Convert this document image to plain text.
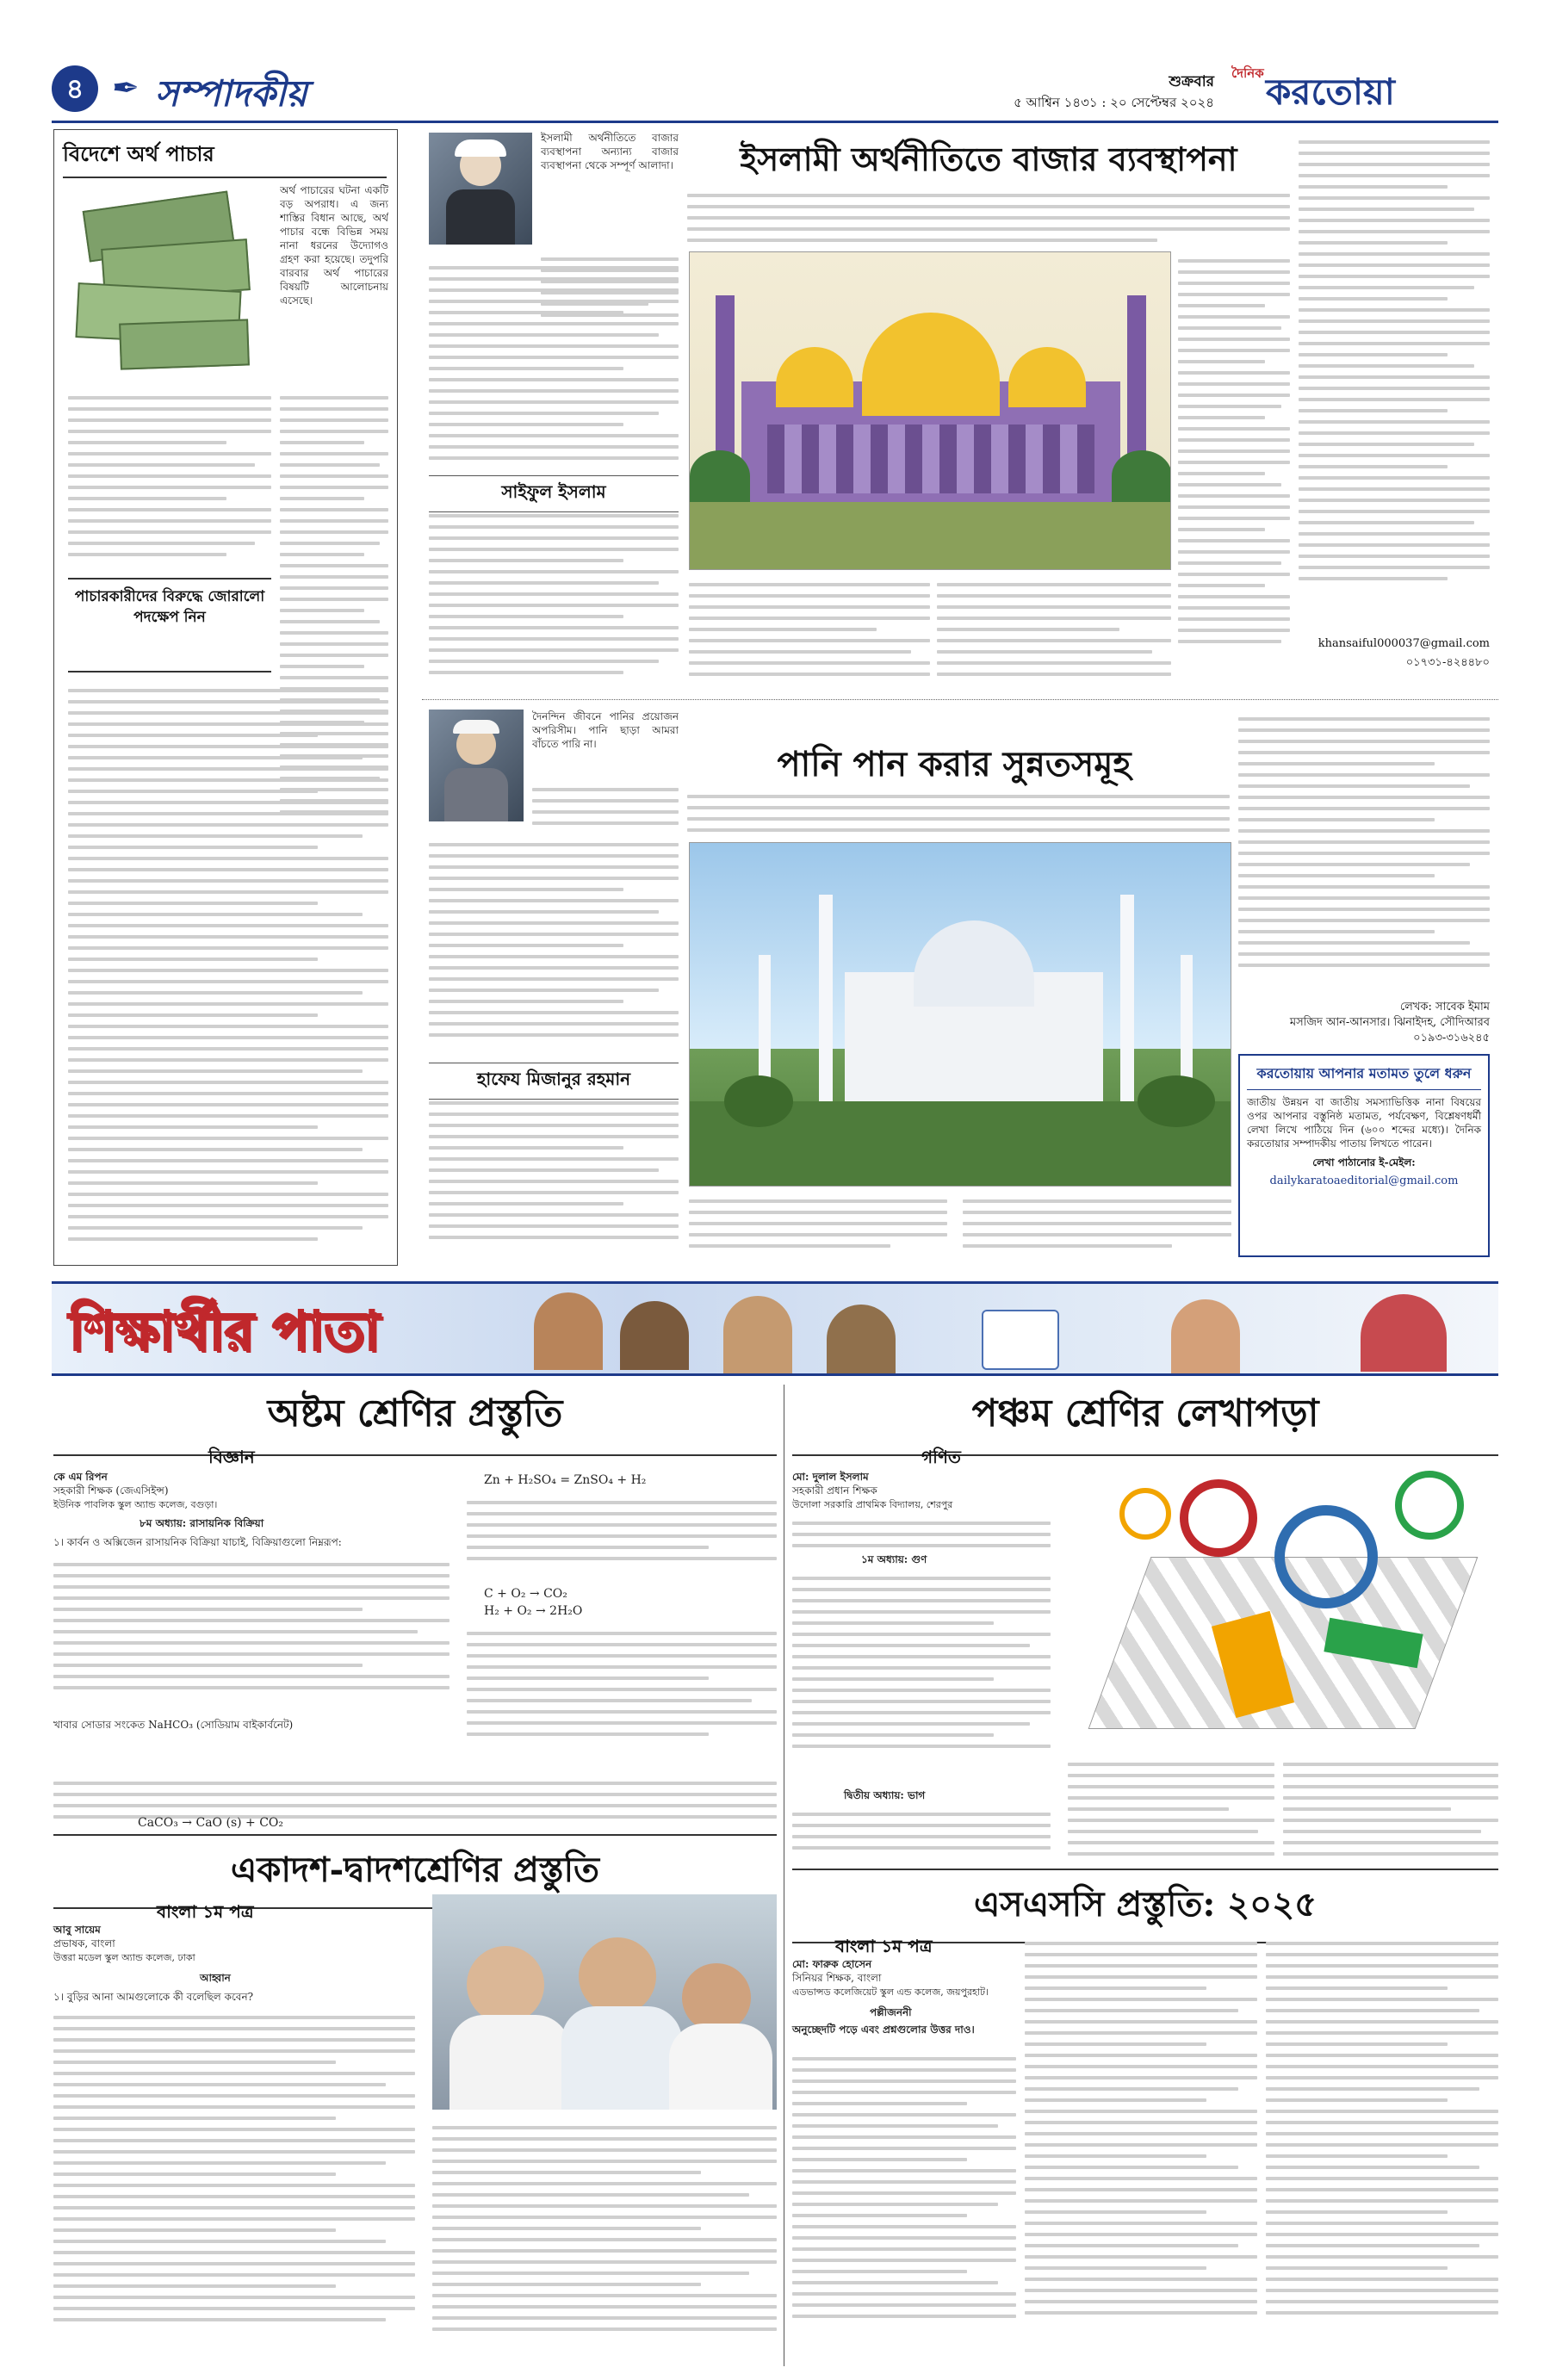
৪ ✒ সম্পাদকীয়	শুক্রবার
৫ আশ্বিন ১৪৩১ : ২০ সেপ্টেম্বর ২০২৪
দৈনিক করতোয়া
বিদেশে অর্থ পাচার
অর্থ পাচারের ঘটনা একটি বড় অপরাধ। এ জন্য শাস্তির বিধান আছে, অর্থ পাচার বন্ধে বিভিন্ন সময় নানা ধরনের উদ্যোগও গ্রহণ করা হয়েছে। তদুপরি বারবার অর্থ পাচারের বিষয়টি আলোচনায় এসেছে।
পাচারকারীদের বিরুদ্ধে জোরালো পদক্ষেপ নিন
ইসলামী অর্থনীতিতে বাজার ব্যবস্থাপনা অন্যান্য বাজার ব্যবস্থাপনা থেকে সম্পূর্ণ আলাদা।	ইসলামী অর্থনীতিতে বাজার ব্যবস্থাপনা
সাইফুল ইসলাম
khansaiful000037@gmail.com
০১৭৩১-৪২৪৪৮০
দৈনন্দিন জীবনে পানির প্রয়োজন অপরিসীম। পানি ছাড়া আমরা বাঁচতে পারি না।	পানি পান করার সুন্নতসমূহ
হাফেয মিজানুর রহমান
লেখক: সাবেক ইমাম
মসজিদ আন-আনসার। ঝিনাইদহ, সৌদিআরব
০১৯৩-৩১৬২৪৫
করতোয়ায় আপনার মতামত তুলে ধরুন
জাতীয় উন্নয়ন বা জাতীয় সমস্যাভিত্তিক নানা বিষয়ের ওপর আপনার বস্তুনিষ্ঠ মতামত, পর্যবেক্ষণ, বিশ্লেষণধর্মী লেখা লিখে পাঠিয়ে দিন (৬০০ শব্দের মধ্যে)। দৈনিক করতোয়ার সম্পাদকীয় পাতায় লিখতে পারেন।
লেখা পাঠানোর ই-মেইল:
dailykaratoaeditorial@gmail.com
শিক্ষার্থীর পাতা
অষ্টম শ্রেণির প্রস্তুতি
বিজ্ঞান
কে এম রিপন
সহকারী শিক্ষক (জেএসিইন্স)
ইউনিক পাবলিক স্কুল অ্যান্ড কলেজ, বগুড়া।
৮ম অধ্যায়: রাসায়নিক বিক্রিয়া
১। কার্বন ও অক্সিজেন রাসায়নিক বিক্রিয়া যাচাই, বিক্রিয়াগুলো নিম্নরূপ:
খাবার সোডার সংকেত NaHCO₃ (সোডিয়াম বাইকার্বনেট)
Zn + H₂SO₄ = ZnSO₄ + H₂
C + O₂ → CO₂
H₂ + O₂ → 2H₂O
CaCO₃ → CaO (s) + CO₂
পঞ্চম শ্রেণির লেখাপড়া
গণিত
মো: দুলাল ইসলাম
সহকারী প্রধান শিক্ষক
উদোলা সরকারি প্রাথমিক বিদ্যালয়, শেরপুর
১ম অধ্যায়: গুণ
দ্বিতীয় অধ্যায়: ভাগ
একাদশ-দ্বাদশশ্রেণির প্রস্তুতি
বাংলা ১ম পত্র
আবু সায়েম
প্রভাষক, বাংলা
উত্তরা মডেল স্কুল অ্যান্ড কলেজ, ঢাকা
আহ্বান
১। বুড়ির আনা আমগুলোকে কী বলেছিল কবেন?
এসএসসি প্রস্তুতি: ২০২৫
বাংলা ১ম পত্র
মো: ফারুক হোসেন
সিনিয়র শিক্ষক, বাংলা
এডভান্সড কলেজিয়েট স্কুল এন্ড কলেজ, জয়পুরহাট।
পল্লীজননী
অনুচ্ছেদটি পড়ে এবং প্রশ্নগুলোর উত্তর দাও।
